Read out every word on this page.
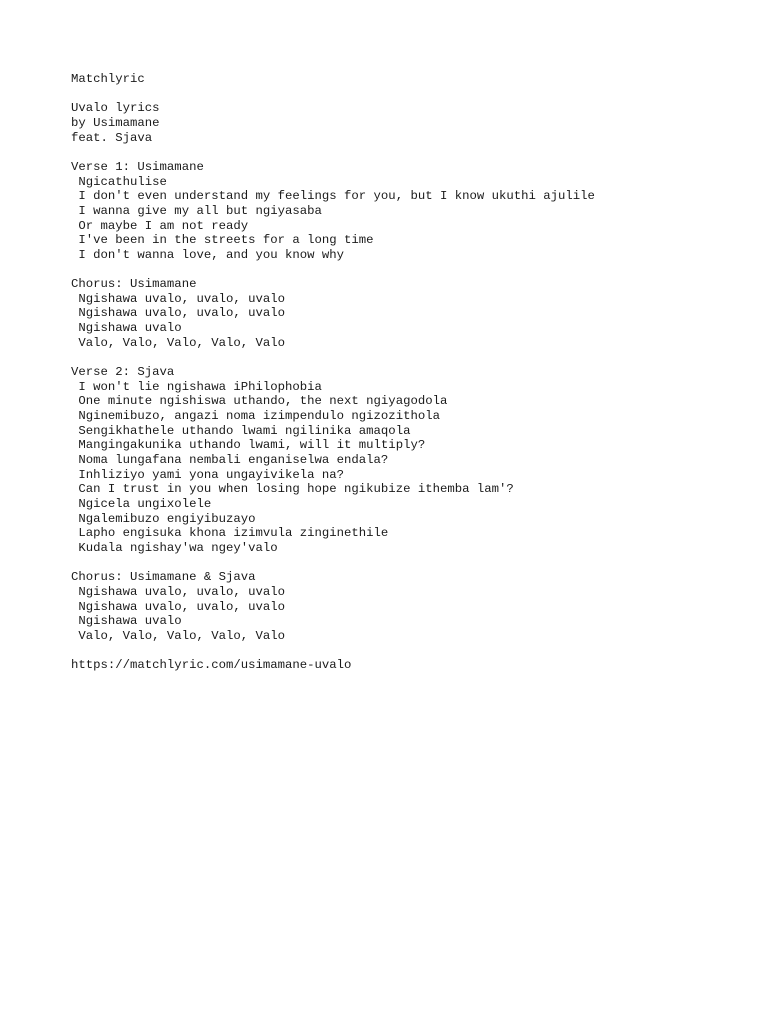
Matchlyric
Uvalo lyrics
by Usimamane
feat. Sjava
Verse 1: Usimamane
Ngicathulise
I don't even understand my feelings for you, but I know ukuthi ajulile
I wanna give my all but ngiyasaba
Or maybe I am not ready
I've been in the streets for a long time
I don't wanna love, and you know why
Chorus: Usimamane
Ngishawa uvalo, uvalo, uvalo
Ngishawa uvalo, uvalo, uvalo
Ngishawa uvalo
Valo, Valo, Valo, Valo, Valo
Verse 2: Sjava
I won't lie ngishawa iPhilophobia
One minute ngishiswa uthando, the next ngiyagodola
Nginemibuzo, angazi noma izimpendulo ngizozithola
Sengikhathele uthando lwami ngilinika amaqola
Mangingakunika uthando lwami, will it multiply?
Noma lungafana nembali enganiselwa endala?
Inhliziyo yami yona ungayivikela na?
Can I trust in you when losing hope ngikubize ithemba lam'?
Ngicela ungixolele
Ngalemibuzo engiyibuzayo
Lapho engisuka khona izimvula zinginethile
Kudala ngishay'wa ngey'valo
Chorus: Usimamane & Sjava
Ngishawa uvalo, uvalo, uvalo
Ngishawa uvalo, uvalo, uvalo
Ngishawa uvalo
Valo, Valo, Valo, Valo, Valo
https://matchlyric.com/usimamane-uvalo
